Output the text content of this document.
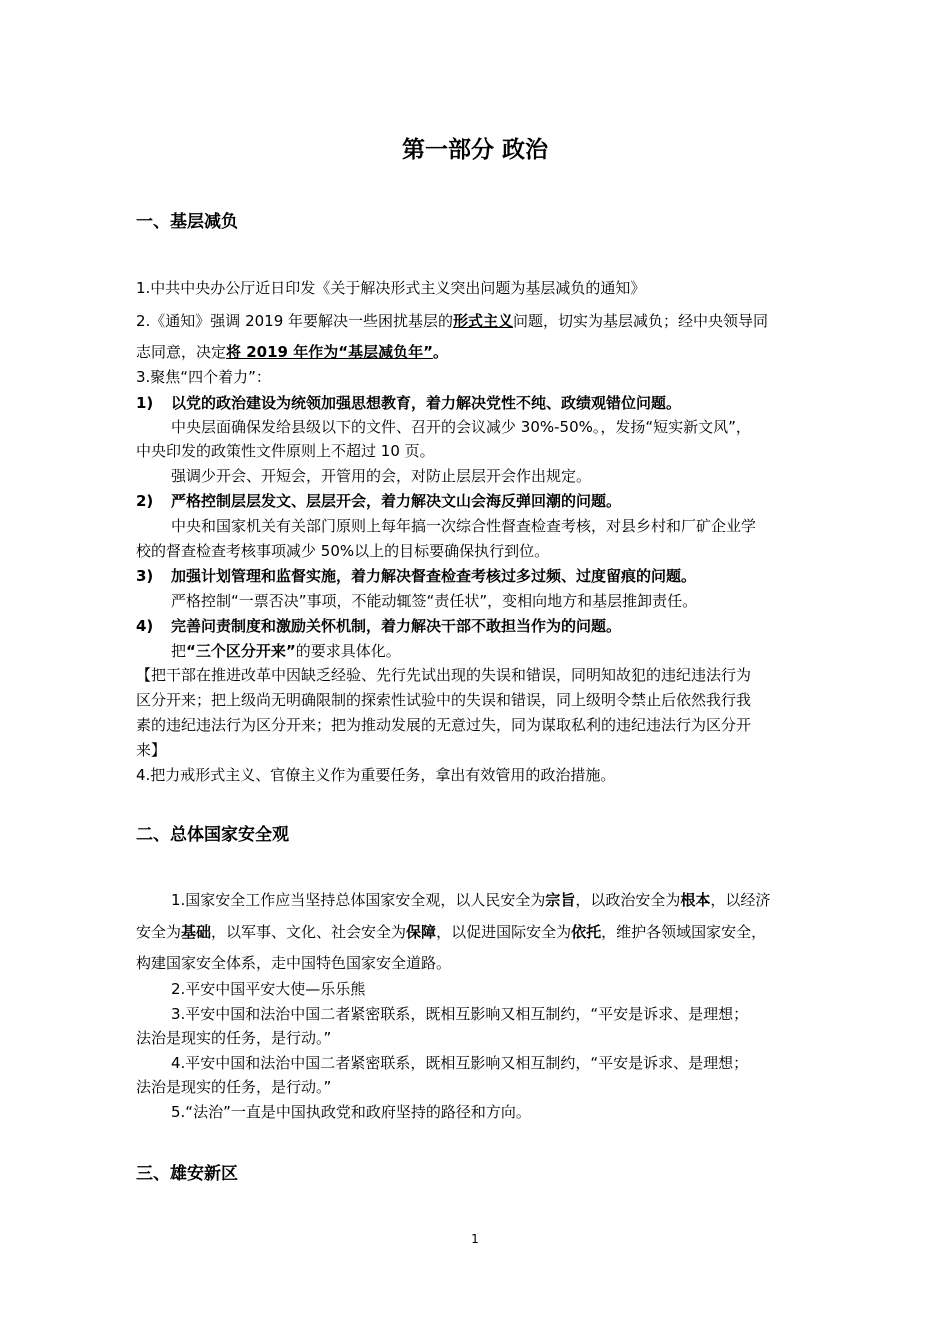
第一部分 政治
一、基层减负
1.中共中央办公厅近日印发《关于解决形式主义突出问题为基层减负的通知》
2.《通知》强调 2019 年要解决一些困扰基层的形式主义问题，切实为基层减负；经中央领导同
志同意，决定将 2019 年作为“基层减负年”。
3.聚焦“四个着力”：
1) 以党的政治建设为统领加强思想教育，着力解决党性不纯、政绩观错位问题。
中央层面确保发给县级以下的文件、召开的会议减少 30%-50%。，发扬“短实新文风”，
中央印发的政策性文件原则上不超过 10 页。
强调少开会、开短会，开管用的会，对防止层层开会作出规定。
2) 严格控制层层发文、层层开会，着力解决文山会海反弹回潮的问题。
中央和国家机关有关部门原则上每年搞一次综合性督查检查考核，对县乡村和厂矿企业学
校的督查检查考核事项减少 50%以上的目标要确保执行到位。
3) 加强计划管理和监督实施，着力解决督查检查考核过多过频、过度留痕的问题。
严格控制“一票否决”事项，不能动辄签“责任状”，变相向地方和基层推卸责任。
4) 完善问责制度和激励关怀机制，着力解决干部不敢担当作为的问题。
把“三个区分开来”的要求具体化。
【把干部在推进改革中因缺乏经验、先行先试出现的失误和错误，同明知故犯的违纪违法行为
区分开来；把上级尚无明确限制的探索性试验中的失误和错误，同上级明令禁止后依然我行我
素的违纪违法行为区分开来；把为推动发展的无意过失，同为谋取私利的违纪违法行为区分开
来】
4.把力戒形式主义、官僚主义作为重要任务，拿出有效管用的政治措施。
二、总体国家安全观
1.国家安全工作应当坚持总体国家安全观，以人民安全为宗旨，以政治安全为根本，以经济
安全为基础，以军事、文化、社会安全为保障，以促进国际安全为依托，维护各领域国家安全，
构建国家安全体系，走中国特色国家安全道路。
2.平安中国平安大使—乐乐熊
3.平安中国和法治中国二者紧密联系，既相互影响又相互制约，“平安是诉求、是理想；
法治是现实的任务，是行动。”
4.平安中国和法治中国二者紧密联系，既相互影响又相互制约，“平安是诉求、是理想；
法治是现实的任务，是行动。”
5.“法治”一直是中国执政党和政府坚持的路径和方向。
三、雄安新区
1
